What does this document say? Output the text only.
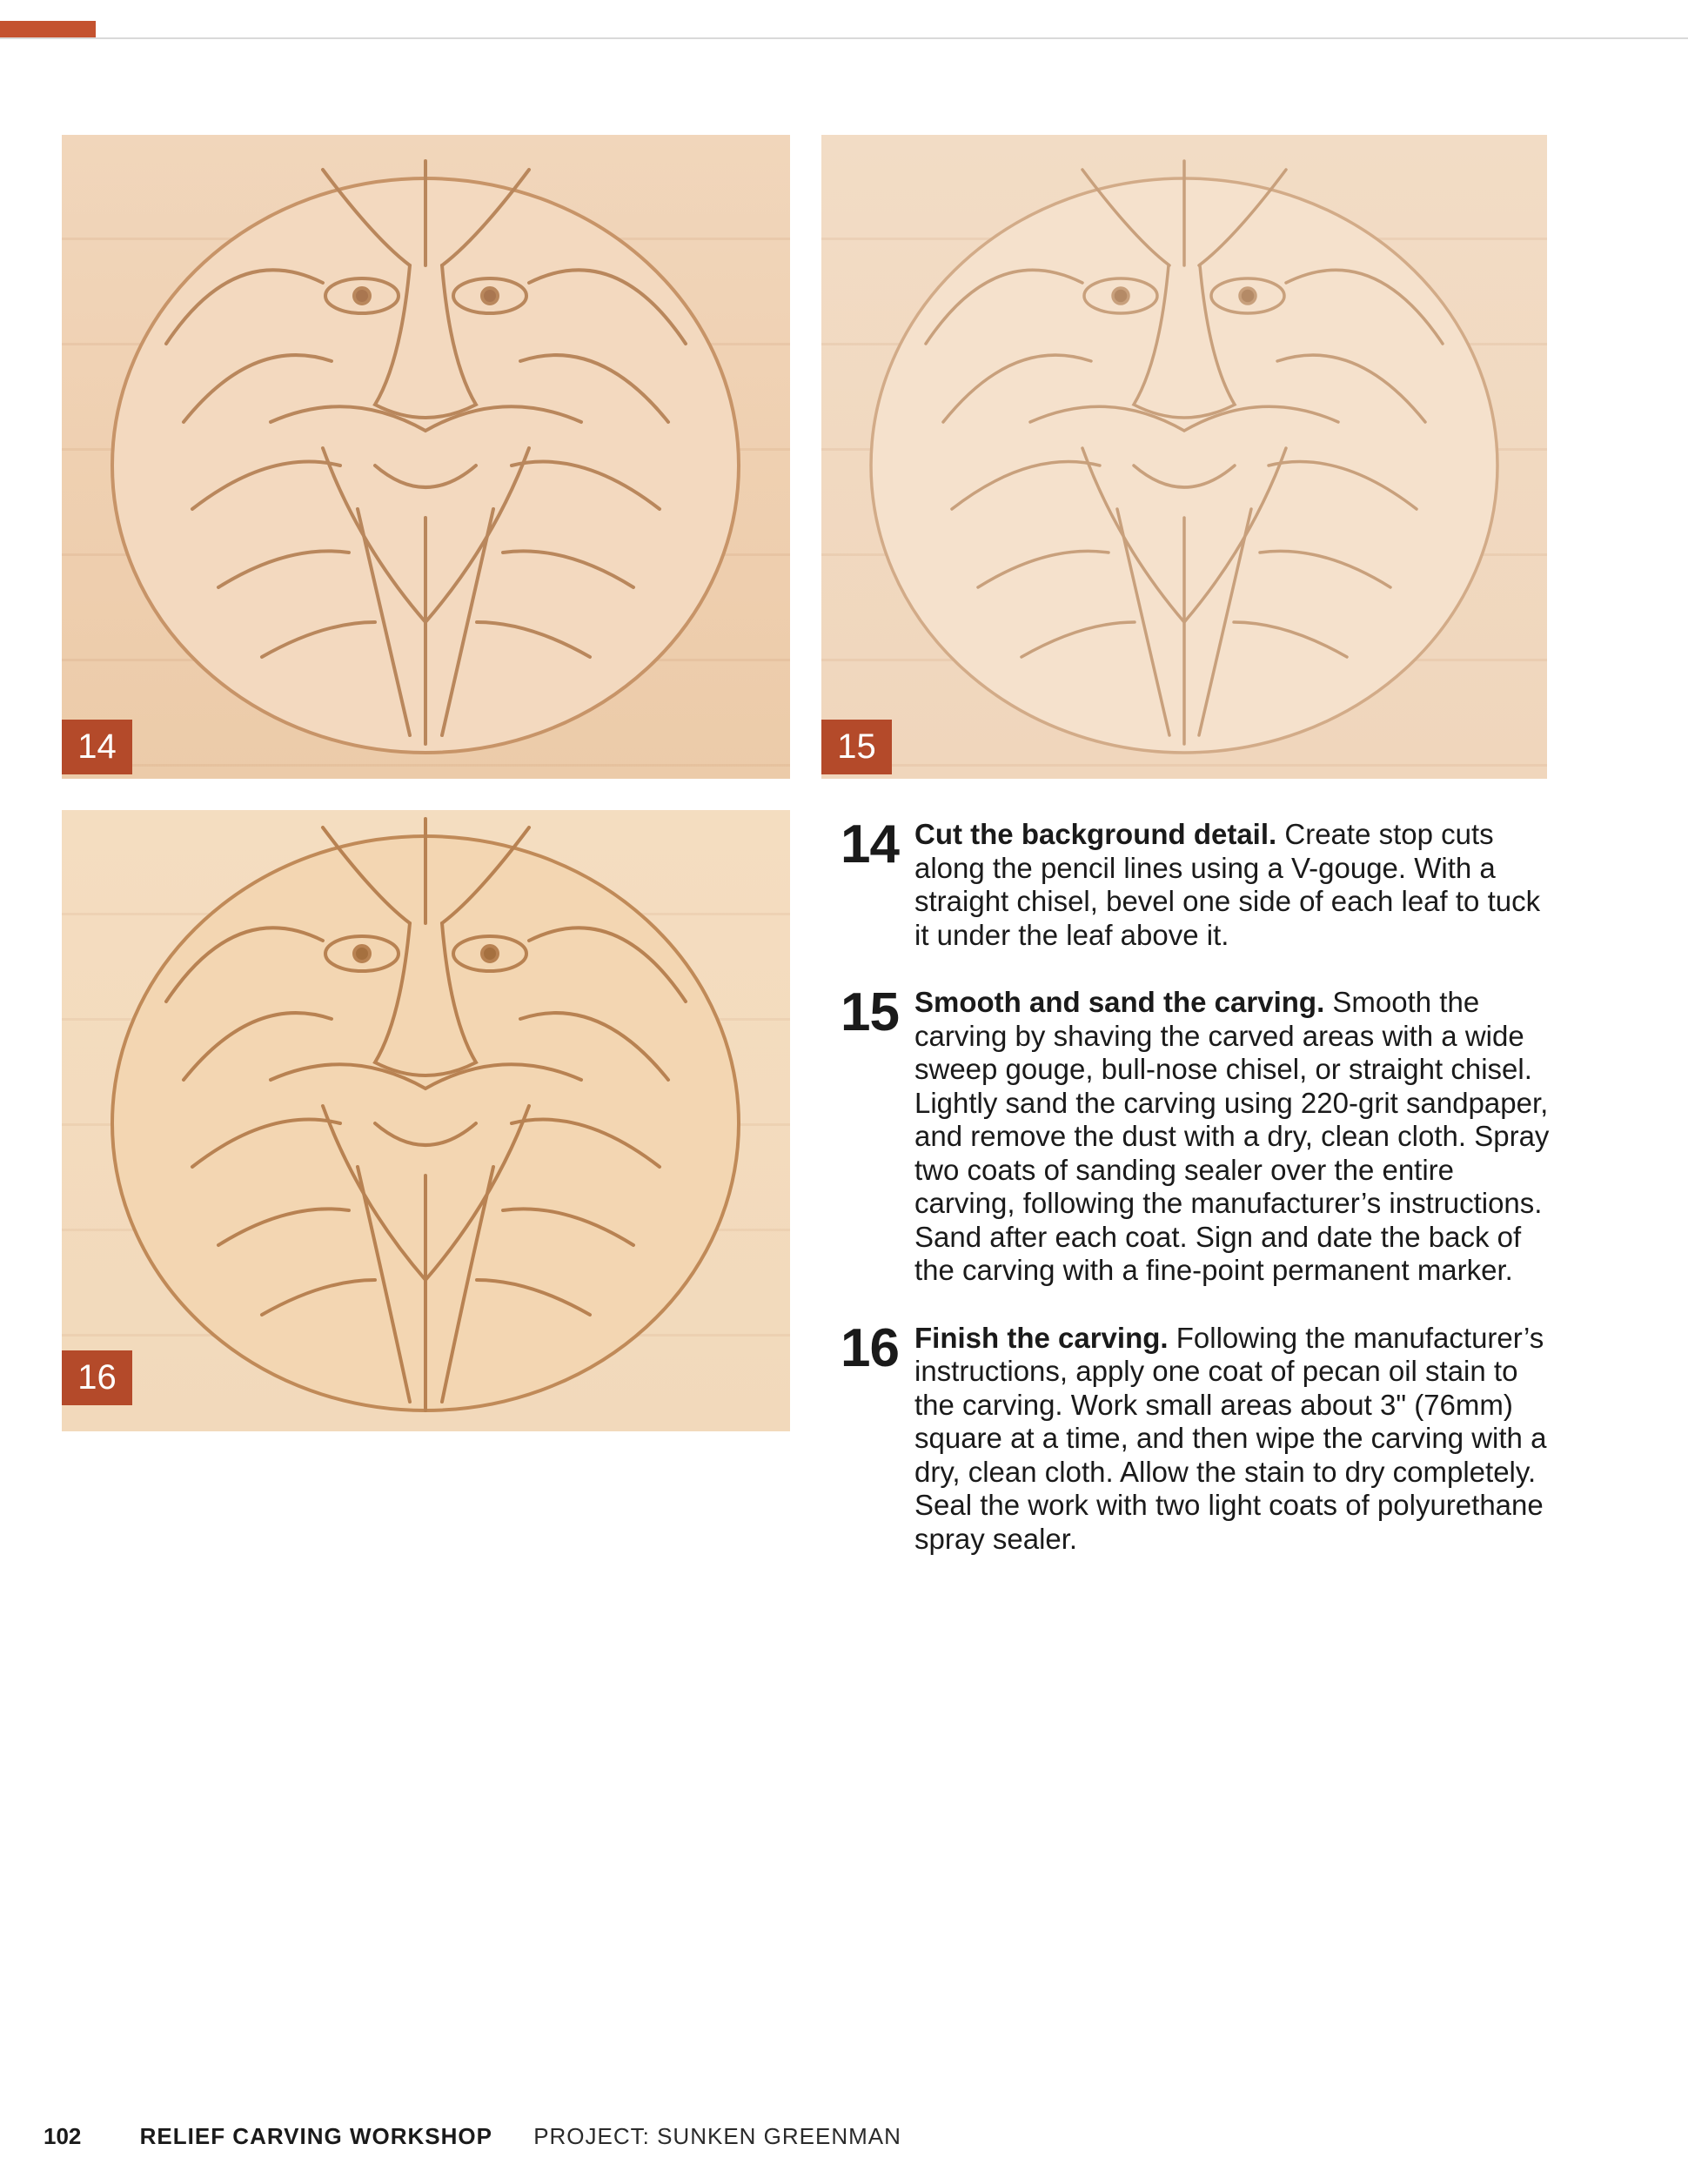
14	15
16
14 Cut the background detail. Create stop cuts along the pencil lines using a V-gouge. With a straight chisel, bevel one side of each leaf to tuck it under the leaf above it.
15 Smooth and sand the carving. Smooth the carving by shaving the carved areas with a wide sweep gouge, bull-nose chisel, or straight chisel. Lightly sand the carving using 220-grit sandpaper, and remove the dust with a dry, clean cloth. Spray two coats of sanding sealer over the entire carving, following the manufacturer’s instructions. Sand after each coat. Sign and date the back of the carving with a fine-point permanent marker.
16 Finish the carving. Following the manufacturer’s instructions, apply one coat of pecan oil stain to the carving. Work small areas about 3" (76mm) square at a time, and then wipe the carving with a dry, clean cloth. Allow the stain to dry completely. Seal the work with two light coats of polyurethane spray sealer.
102	RELIEF CARVING WORKSHOP PROJECT: SUNKEN GREENMAN
